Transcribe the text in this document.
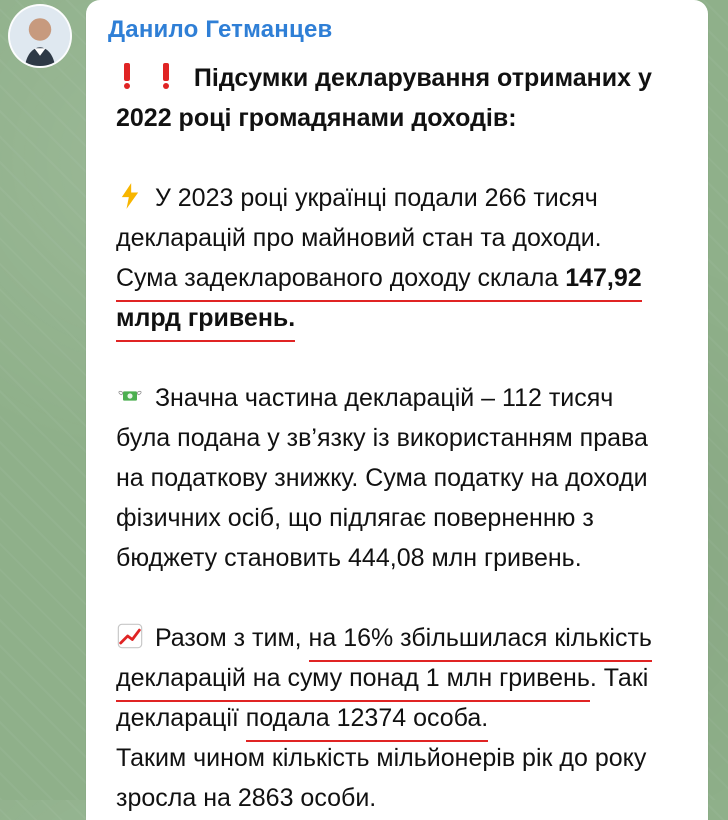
Данило Гетманцев
Підсумки декларування отриманих у
2022 році громадянами доходів:
У 2023 році українці подали 266 тисяч
декларацій про майновий стан та доходи.
Сума задекларованого доходу склала 147,92
млрд гривень.
Значна частина декларацій – 112 тисяч
була подана у зв’язку із використанням права
на податкову знижку. Сума податку на доходи
фізичних осіб, що підлягає поверненню з
бюджету становить 444,08 млн гривень.
Разом з тим, на 16% збільшилася кількість
декларацій на суму понад 1 млн гривень. Такі
декларації подала 12374 особа.
Таким чином кількість мільйонерів рік до року
зросла на 2863 особи.
